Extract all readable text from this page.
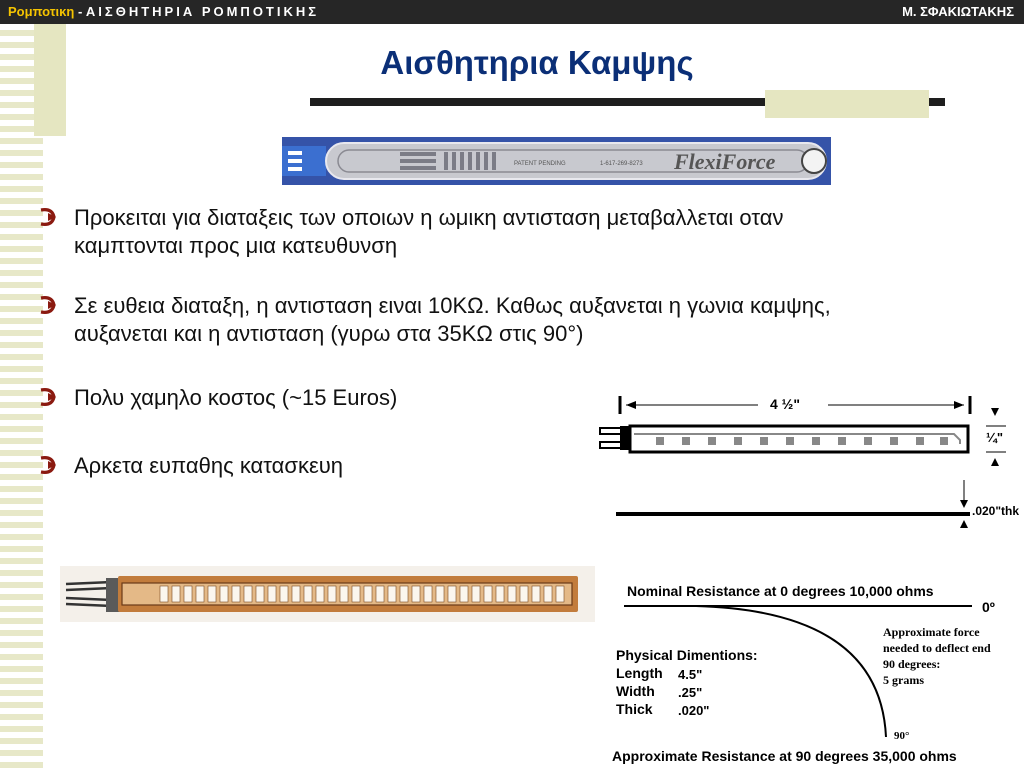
Ρομποτικη - ΑΙΣΘΗΤΗΡΙΑ ΡΟΜΠΟΤΙΚΗΣ	Μ. ΣΦΑΚΙΩΤΑΚΗΣ
Αισθητηρια Καμψης
PATENT PENDING	1-617-269-8273 FlexiForce
Προκειται για διαταξεις των οποιων η ωμικη αντισταση μεταβαλλεται οταν καμπτονται προς μια κατευθυνση
Σε ευθεια διαταξη, η αντισταση ειναι 10ΚΩ. Καθως αυξανεται η γωνια καμψης, αυξανεται και η αντισταση (γυρω στα 35ΚΩ στις 90°)
Πολυ χαμηλο κοστος (~15 Euros)
Αρκετα ευπαθης κατασκευη
4 ½"
¼"
.020"thk
Nominal Resistance at 0 degrees 10,000 ohms
0º
Approximate force
needed to deflect end
90 degrees:
5 grams
Physical Dimentions:
Length 4.5"
Width .25"
Thick .020"
90°
Approximate Resistance at 90 degrees 35,000 ohms
